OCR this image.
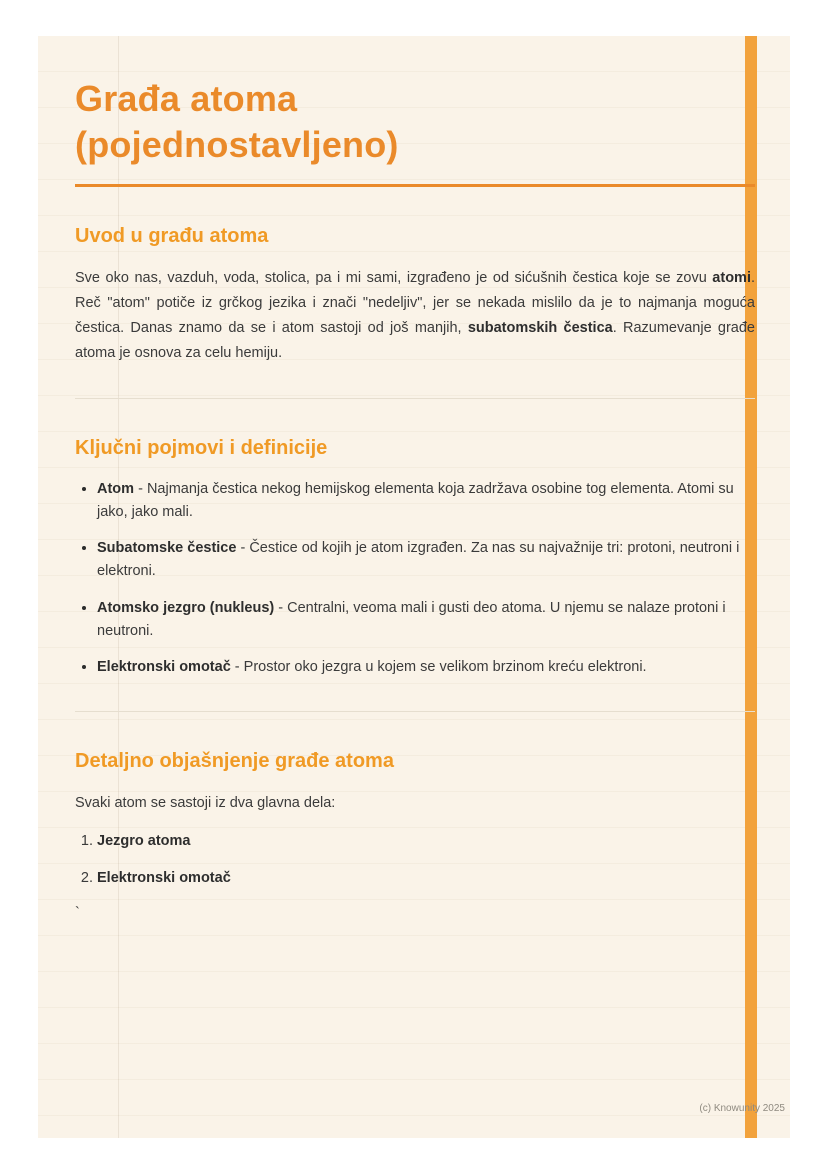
Građa atoma
(pojednostavljeno)
Uvod u građu atoma

Sve oko nas, vazduh, voda, stolica, pa i mi sami, izgrađeno je od sićušnih čestica koje se zovu atomi. Reč "atom" potiče iz grčkog jezika i znači "nedeljiv", jer se nekada mislilo da je to najmanja moguća čestica. Danas znamo da se i atom sastoji od još manjih, subatomskih čestica. Razumevanje građe atoma je osnova za celu hemiju.

Ključni pojmovi i definicije
• Atom - Najmanja čestica nekog hemijskog elementa koja zadržava osobine tog elementa. Atomi su jako, jako mali.
• Subatomske čestice - Čestice od kojih je atom izgrađen. Za nas su najvažnije tri: protoni, neutroni i elektroni.
• Atomsko jezgro (nukleus) - Centralni, veoma mali i gusti deo atoma. U njemu se nalaze protoni i neutroni.
• Elektronski omotač - Prostor oko jezgra u kojem se velikom brzinom kreću elektroni.
Detaljno objašnjenje građe atoma

Svaki atom se sastoji iz dva glavna dela:

1. Jezgro atoma
2. Elektronski omotač

`

(c) Knowunity 2025
